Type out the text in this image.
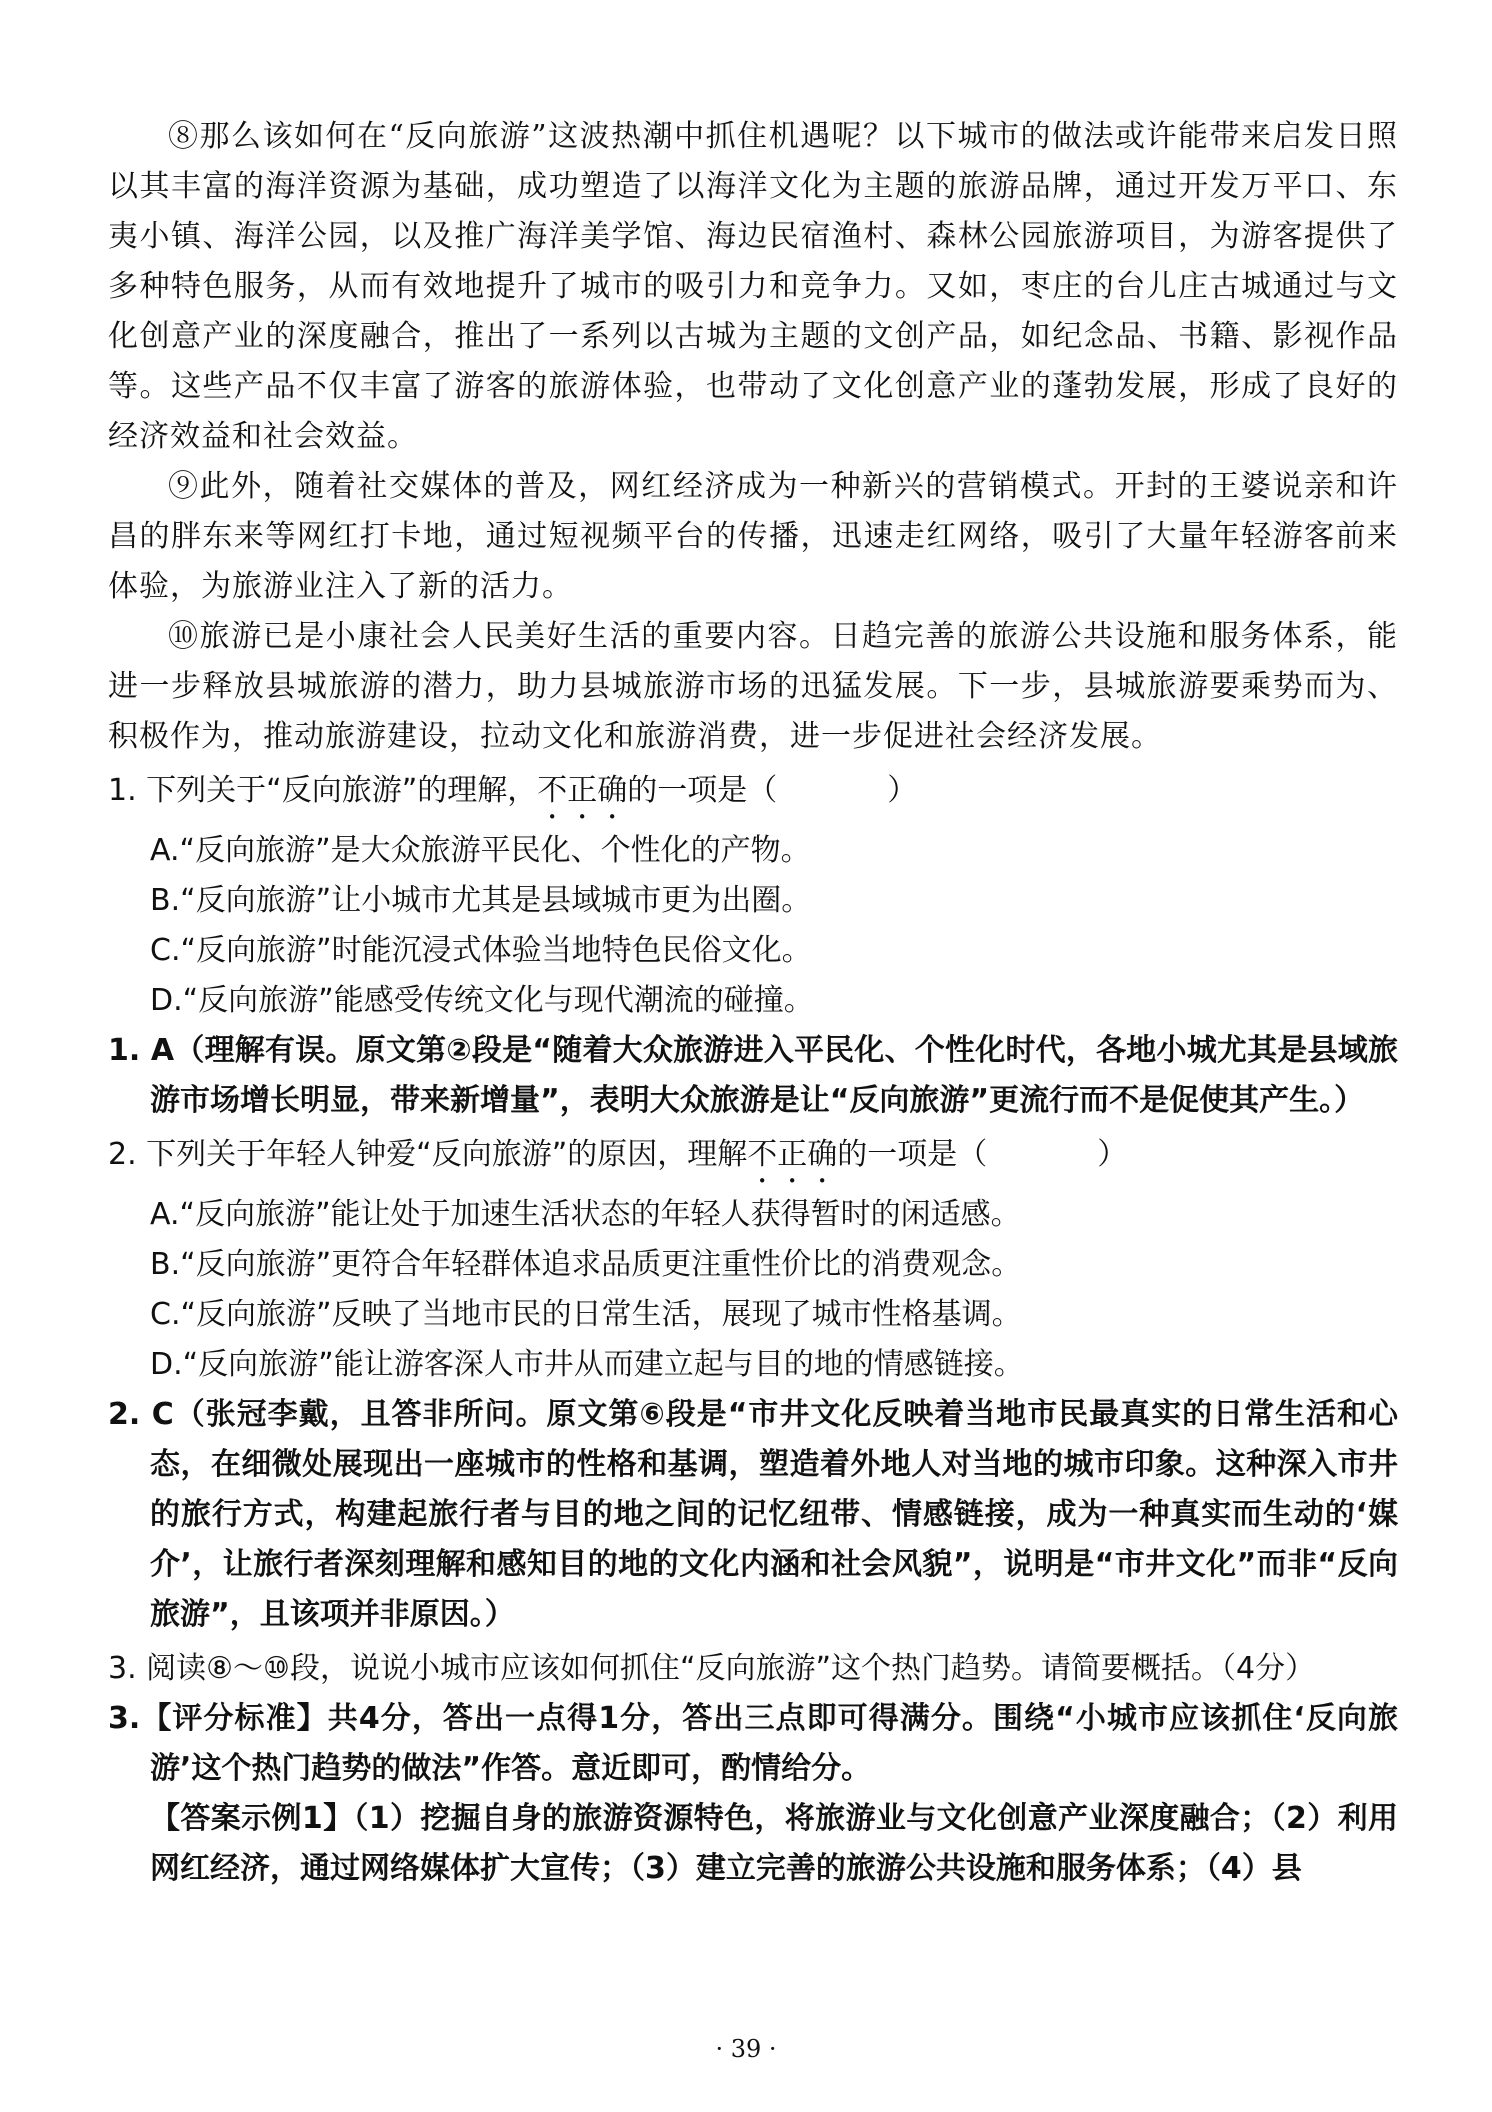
⑧那么该如何在“反向旅游”这波热潮中抓住机遇呢？以下城市的做法或许能带来启发日照以其丰富的海洋资源为基础，成功塑造了以海洋文化为主题的旅游品牌，通过开发万平口、东夷小镇、海洋公园，以及推广海洋美学馆、海边民宿渔村、森林公园旅游项目，为游客提供了多种特色服务，从而有效地提升了城市的吸引力和竞争力。又如，枣庄的台儿庄古城通过与文化创意产业的深度融合，推出了一系列以古城为主题的文创产品，如纪念品、书籍、影视作品等。这些产品不仅丰富了游客的旅游体验，也带动了文化创意产业的蓬勃发展，形成了良好的经济效益和社会效益。

⑨此外，随着社交媒体的普及，网红经济成为一种新兴的营销模式。开封的王婆说亲和许昌的胖东来等网红打卡地，通过短视频平台的传播，迅速走红网络，吸引了大量年轻游客前来体验，为旅游业注入了新的活力。

⑩旅游已是小康社会人民美好生活的重要内容。日趋完善的旅游公共设施和服务体系，能进一步释放县城旅游的潜力，助力县城旅游市场的迅猛发展。下一步，县城旅游要乘势而为、积极作为，推动旅游建设，拉动文化和旅游消费，进一步促进社会经济发展。

1. 下列关于“反向旅游”的理解，不正确的一项是（	）

A.“反向旅游”是大众旅游平民化、个性化的产物。

B.“反向旅游”让小城市尤其是县域城市更为出圈。

C.“反向旅游”时能沉浸式体验当地特色民俗文化。

D.“反向旅游”能感受传统文化与现代潮流的碰撞。

1. A（理解有误。原文第②段是“随着大众旅游进入平民化、个性化时代，各地小城尤其是县域旅游市场增长明显，带来新增量”，表明大众旅游是让“反向旅游”更流行而不是促使其产生。）

2. 下列关于年轻人钟爱“反向旅游”的原因，理解不正确的一项是（	）

A.“反向旅游”能让处于加速生活状态的年轻人获得暂时的闲适感。

B.“反向旅游”更符合年轻群体追求品质更注重性价比的消费观念。

C.“反向旅游”反映了当地市民的日常生活，展现了城市性格基调。

D.“反向旅游”能让游客深人市井从而建立起与目的地的情感链接。

2. C（张冠李戴，且答非所问。原文第⑥段是“市井文化反映着当地市民最真实的日常生活和心态，在细微处展现出一座城市的性格和基调，塑造着外地人对当地的城市印象。这种深入市井的旅行方式，构建起旅行者与目的地之间的记忆纽带、情感链接，成为一种真实而生动的‘媒介’，让旅行者深刻理解和感知目的地的文化内涵和社会风貌”，说明是“市井文化”而非“反向旅游”，且该项并非原因。）

3. 阅读⑧～⑩段，说说小城市应该如何抓住“反向旅游”这个热门趋势。请简要概括。（4分）

3.【评分标准】共4分，答出一点得1分，答出三点即可得满分。围绕“小城市应该抓住‘反向旅游’这个热门趋势的做法”作答。意近即可，酌情给分。

【答案示例1】（1）挖掘自身的旅游资源特色，将旅游业与文化创意产业深度融合；（2）利用网红经济，通过网络媒体扩大宣传；（3）建立完善的旅游公共设施和服务体系；（4）县

· 39 ·
